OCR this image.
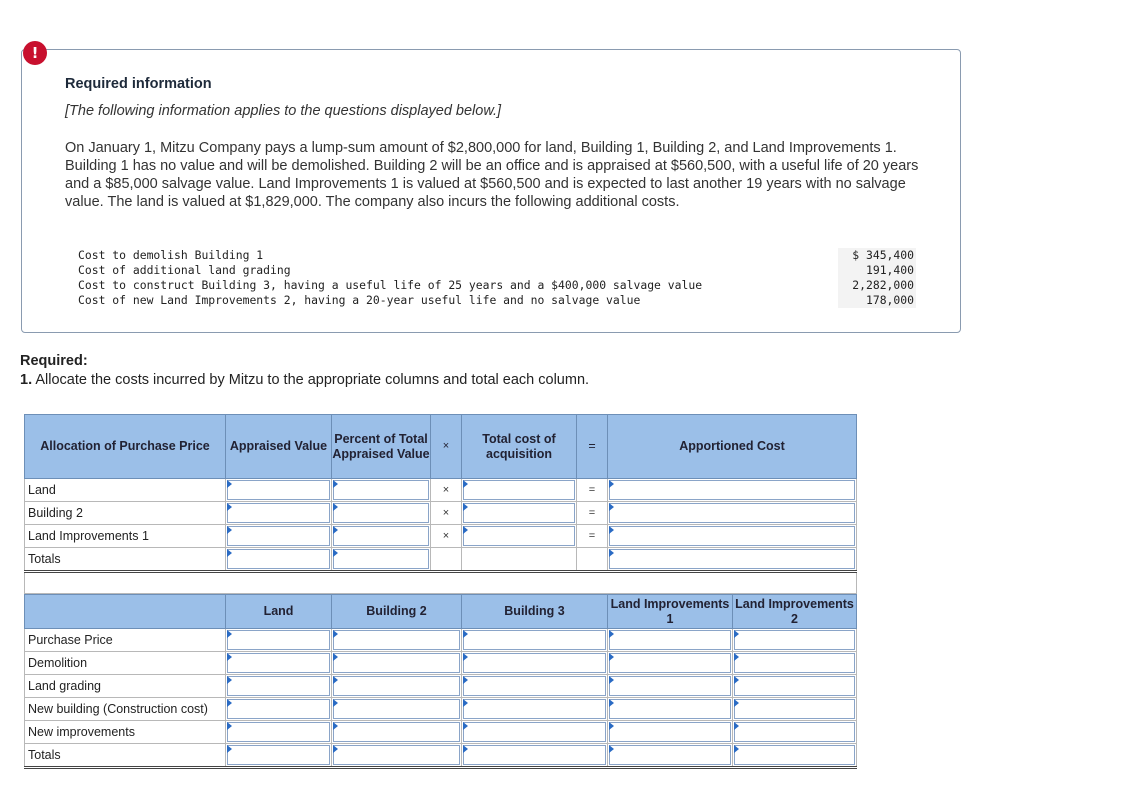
!
Required information
[The following information applies to the questions displayed below.]
On January 1, Mitzu Company pays a lump-sum amount of $2,800,000 for land, Building 1, Building 2, and Land Improvements 1. Building 1 has no value and will be demolished. Building 2 will be an office and is appraised at $560,500, with a useful life of 20 years and a $85,000 salvage value. Land Improvements 1 is valued at $560,500 and is expected to last another 19 years with no salvage value. The land is valued at $1,829,000. The company also incurs the following additional costs.
Cost to demolish Building 1	$ 345,400
Cost of additional land grading	191,400
Cost to construct Building 3, having a useful life of 25 years and a $400,000 salvage value	2,282,000
Cost of new Land Improvements 2, having a 20-year useful life and no salvage value	178,000
Required:
1. Allocate the costs incurred by Mitzu to the appropriate columns and total each column.
Allocation of Purchase Price	Appraised Value	Percent of Total Appraised Value	×	Total cost of acquisition	=	Apportioned Cost
Land			×		=	

Building 2			×		=	

Land Improvements 1			×		=	

Totals	

	Land	Building 2	Building 3	Land Improvements 1	Land Improvements 2
Purchase Price	

Demolition	

Land grading	

New building (Construction cost)	

New improvements	

Totals	
